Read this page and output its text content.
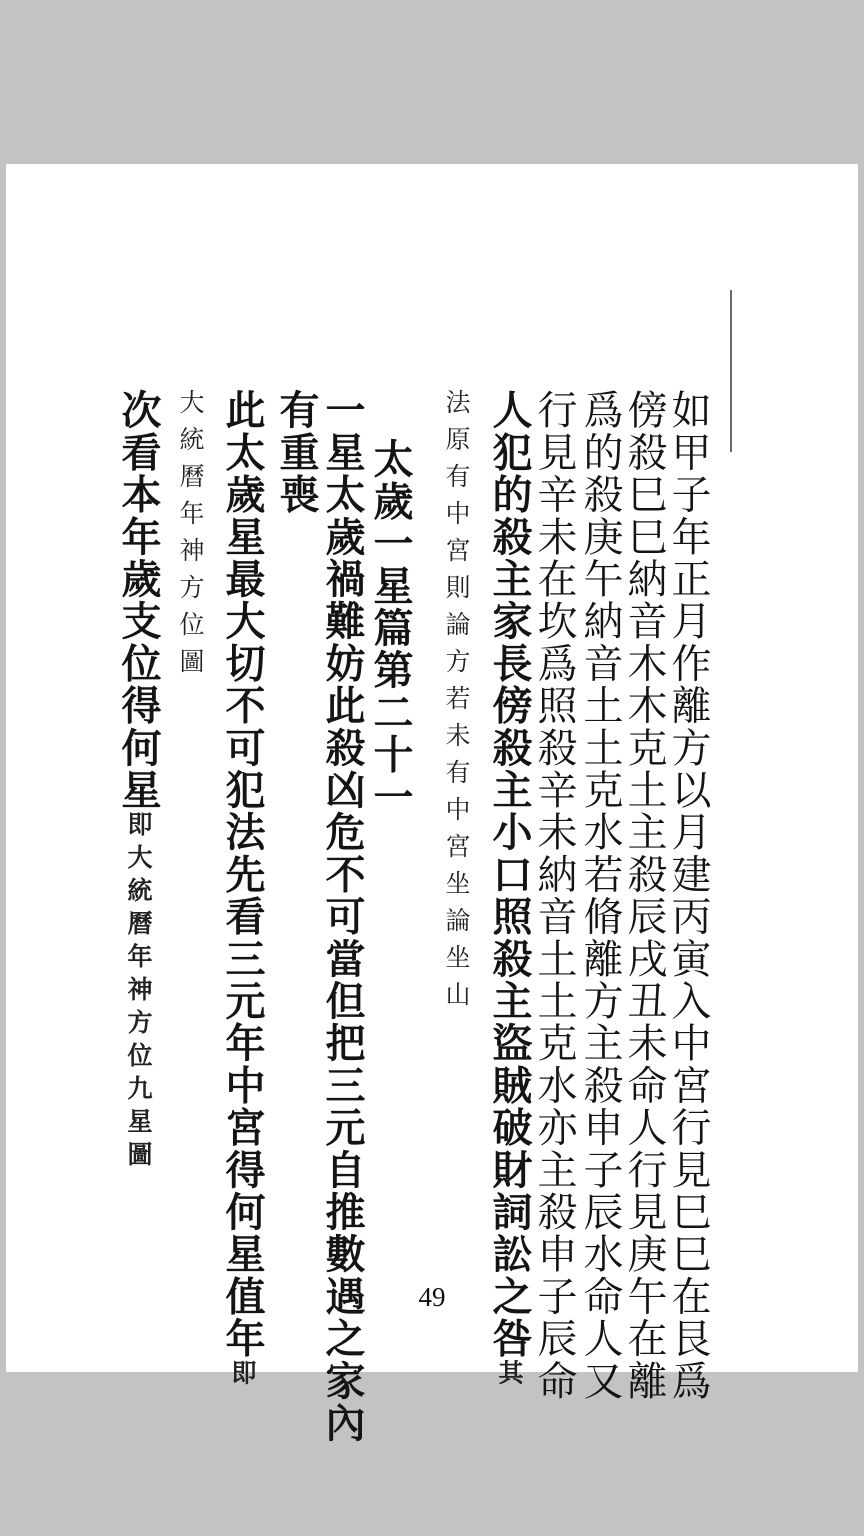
如甲子年正月作離方以月建丙寅入中宮行見巳巳在艮爲
傍殺巳巳納音木木克土主殺辰戌丑未命人行見庚午在離
爲的殺庚午納音土土克水若脩離方主殺申子辰水命人又
行見辛未在坎爲照殺辛未納音土土克水亦主殺申子辰命
人犯的殺主家長傍殺主小口照殺主盜賊破財詞訟之咎其
法原有中宮則論方若未有中宮坐論坐山
太歲一星篇第二十一
一星太歲禍難妨此殺凶危不可當但把三元自推數遇之家內
有重喪
此太歲星最大切不可犯法先看三元年中宮得何星值年即
大統曆年神方位圖
次看本年歲支位得何星即大統曆年神方位九星圖
49
